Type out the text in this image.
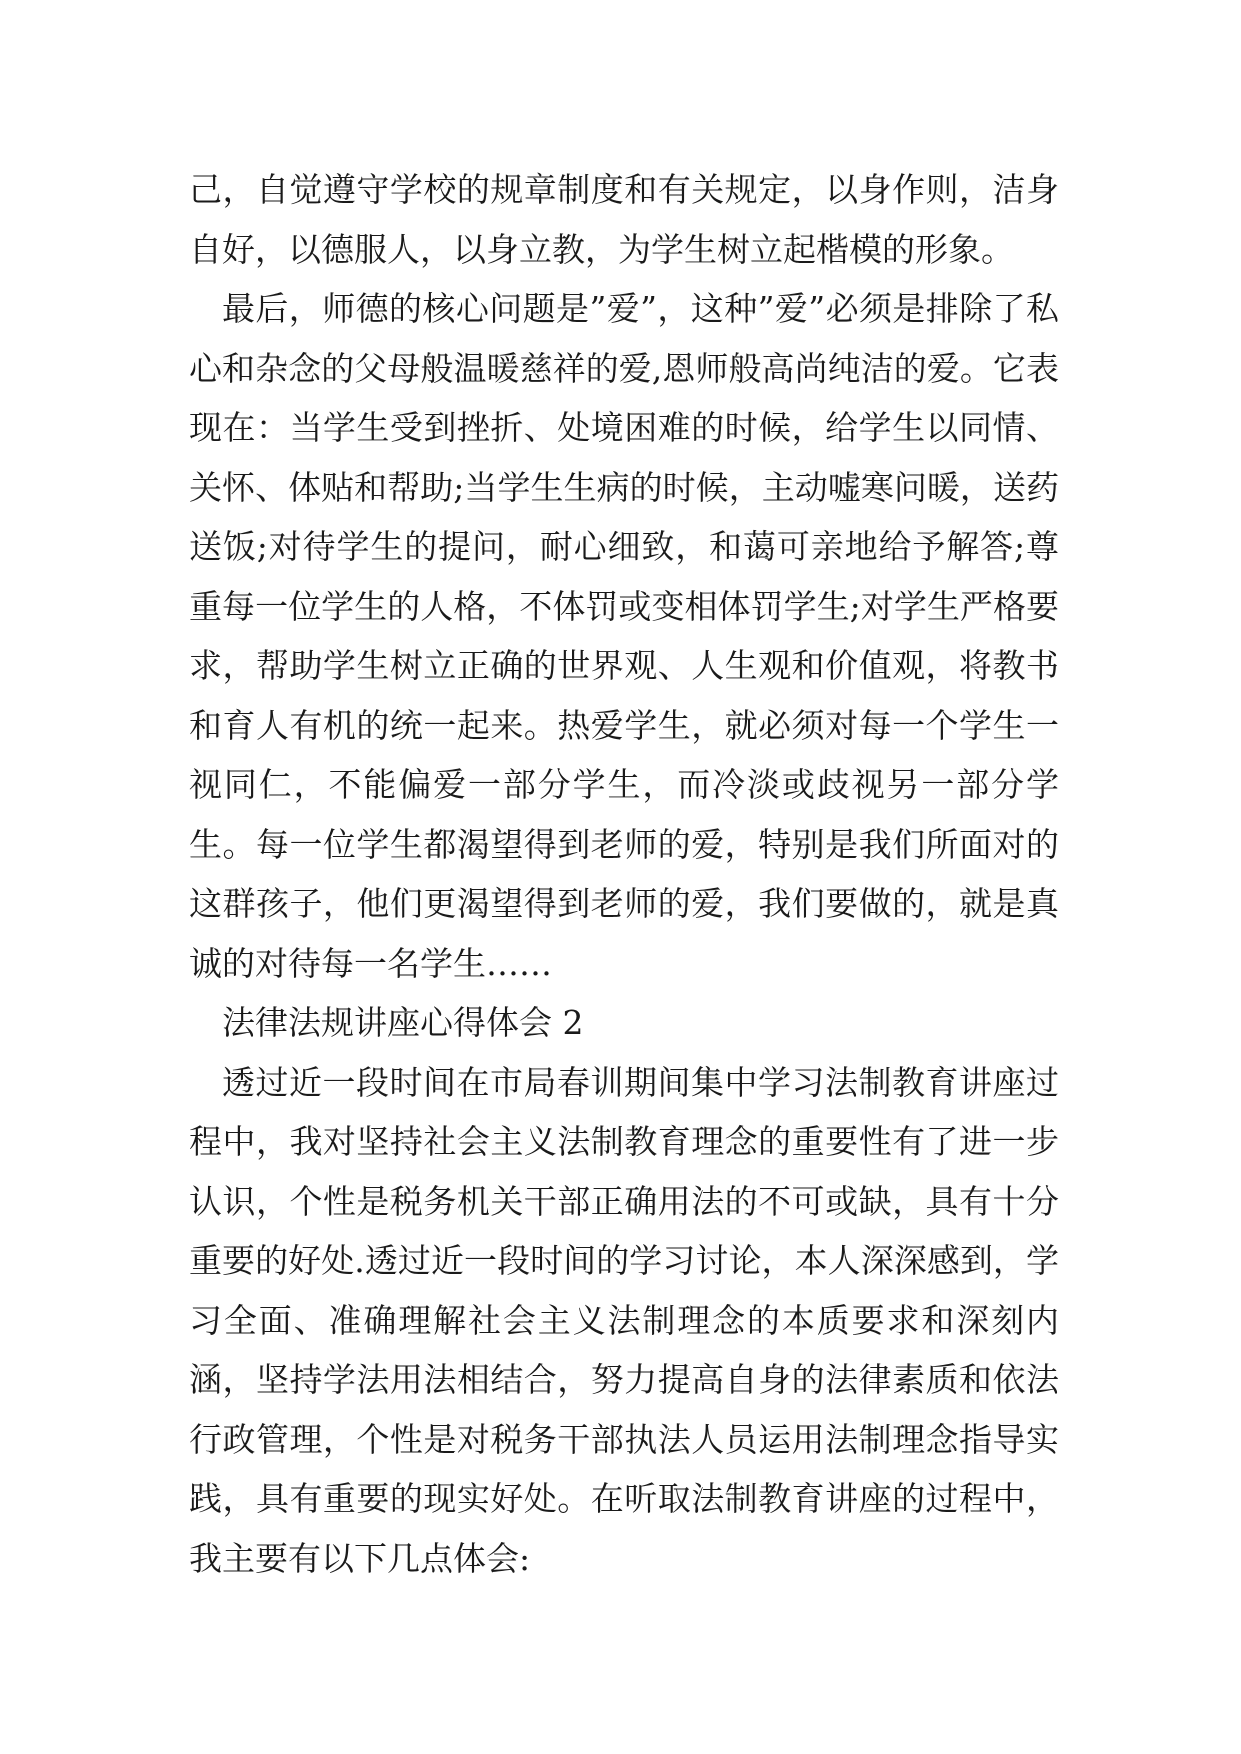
己，自觉遵守学校的规章制度和有关规定，以身作则，洁身自好，以德服人，以身立教，为学生树立起楷模的形象。

最后，师德的核心问题是”爱”，这种”爱”必须是排除了私心和杂念的父母般温暖慈祥的爱,恩师般高尚纯洁的爱。它表现在：当学生受到挫折、处境困难的时候，给学生以同情、关怀、体贴和帮助;当学生生病的时候，主动嘘寒问暖，送药送饭;对待学生的提问，耐心细致，和蔼可亲地给予解答;尊重每一位学生的人格，不体罚或变相体罚学生;对学生严格要求，帮助学生树立正确的世界观、人生观和价值观，将教书和育人有机的统一起来。热爱学生，就必须对每一个学生一视同仁，不能偏爱一部分学生，而冷淡或歧视另一部分学生。每一位学生都渴望得到老师的爱，特别是我们所面对的这群孩子，他们更渴望得到老师的爱，我们要做的，就是真诚的对待每一名学生……

法律法规讲座心得体会 2

透过近一段时间在市局春训期间集中学习法制教育讲座过程中，我对坚持社会主义法制教育理念的重要性有了进一步认识，个性是税务机关干部正确用法的不可或缺，具有十分重要的好处.透过近一段时间的学习讨论，本人深深感到，学习全面、准确理解社会主义法制理念的本质要求和深刻内涵，坚持学法用法相结合，努力提高自身的法律素质和依法行政管理，个性是对税务干部执法人员运用法制理念指导实践，具有重要的现实好处。在听取法制教育讲座的过程中，我主要有以下几点体会:
